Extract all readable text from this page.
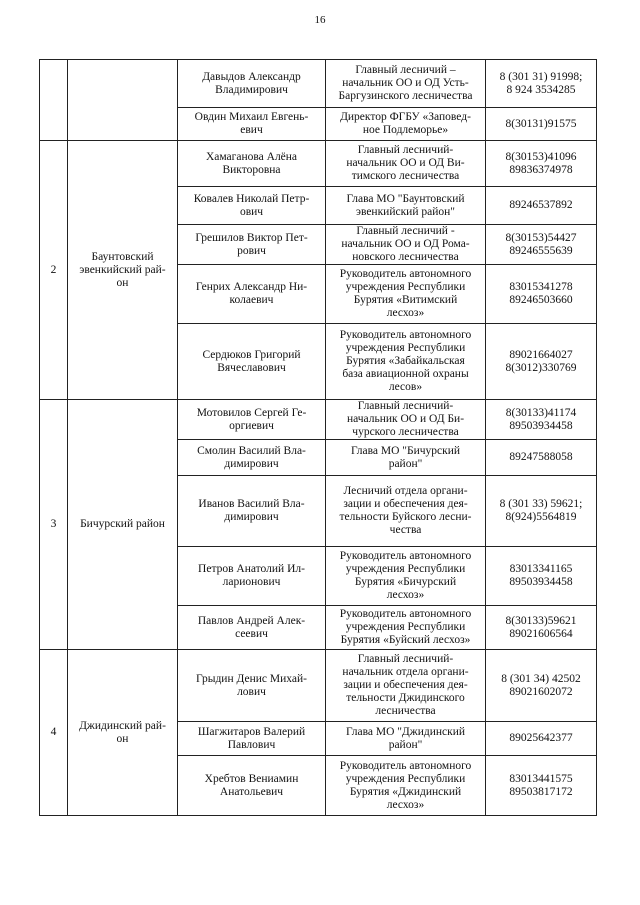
16

		Давыдов Александр
Владимирович	Главный лесничий –
начальник ОО и ОД Усть-
Баргузинского лесничества	8 (301 31) 91998;
8 924 3534285

		Овдин Михаил Евгень-
евич	Директор ФГБУ «Заповед-
ное Подлеморье»	8(30131)91575

2	Баунтовский
эвенкийский рай-
он	Хамаганова Алёна
Викторовна	Главный лесничий-
начальник ОО и ОД Ви-
тимского лесничества	8(30153)41096
89836374978

		Ковалев Николай Петр-
ович	Глава МО "Баунтовский
эвенкийский район"	89246537892

		Грешилов Виктор Пет-
рович	Главный лесничий -
начальник ОО и ОД Рома-
новского лесничества	8(30153)54427
89246555639

		Генрих Александр Ни-
колаевич	Руководитель автономного
учреждения Республики
Бурятия «Витимский
лесхоз»	83015341278
89246503660

		Сердюков Григорий
Вячеславович	Руководитель автономного
учреждения Республики
Бурятия «Забайкальская
база авиационной охраны
лесов»	89021664027
8(3012)330769

3	Бичурский район	Мотовилов Сергей Ге-
оргиевич	Главный лесничий-
начальник ОО и ОД Би-
чурского лесничества	8(30133)41174
89503934458

		Смолин Василий Вла-
димирович	Глава МО "Бичурский
район"	89247588058

		Иванов Василий Вла-
димирович	Лесничий отдела органи-
зации и обеспечения дея-
тельности Буйского лесни-
чества	8 (301 33) 59621;
8(924)5564819

		Петров Анатолий Ил-
ларионович	Руководитель автономного
учреждения Республики
Бурятия «Бичурский
лесхоз»	83013341165
89503934458

		Павлов Андрей Алек-
сеевич	Руководитель автономного
учреждения Республики
Бурятия «Буйский лесхоз»	8(30133)59621
89021606564

4	Джидинский рай-
он	Грыдин Денис Михай-
лович	Главный лесничий-
начальник отдела органи-
зации и обеспечения дея-
тельности Джидинского
лесничества	8 (301 34) 42502
89021602072

		Шагжитаров Валерий
Павлович	Глава МО "Джидинский
район"	89025642377

		Хребтов Вениамин
Анатольевич	Руководитель автономного
учреждения Республики
Бурятия «Джидинский
лесхоз»	83013441575
89503817172
